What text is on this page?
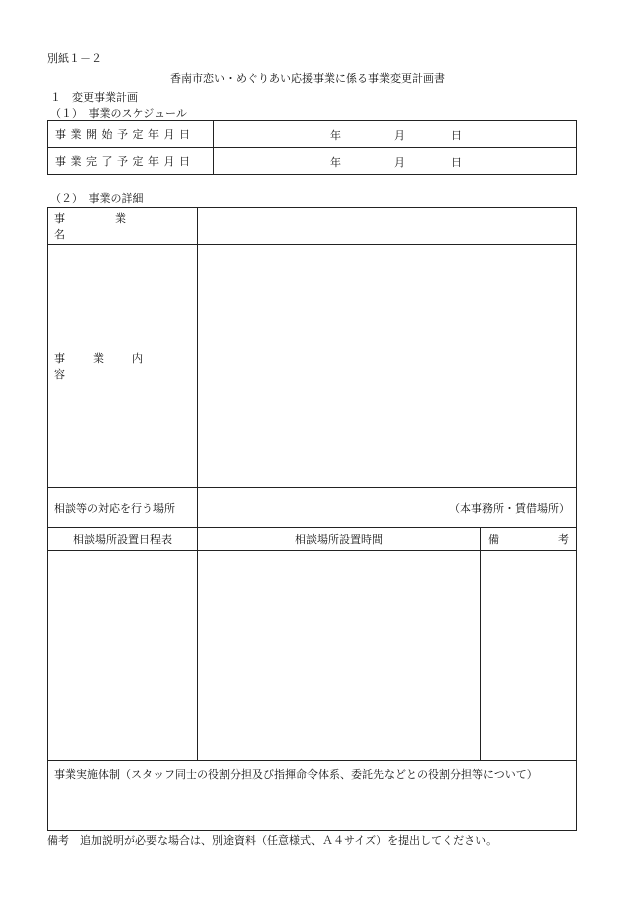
別紙１－２
香南市恋い・めぐりあい応援事業に係る事業変更計画書
１　変更事業計画
（１）　事業のスケジュール
事業開始予定年月日	年 月 日

事業完了予定年月日	年 月 日
（２）　事業の詳細
事業名		

事業内容		

相談等の対応を行う場所	（本事務所・賃借場所）	

相談場所設置日程表	相談場所設置時間	備 考

事業実施体制（スタッフ同士の役割分担及び指揮命令体系、委託先などとの役割分担等について）		
備考　追加説明が必要な場合は、別途資料（任意様式、Ａ４サイズ）を提出してください。
